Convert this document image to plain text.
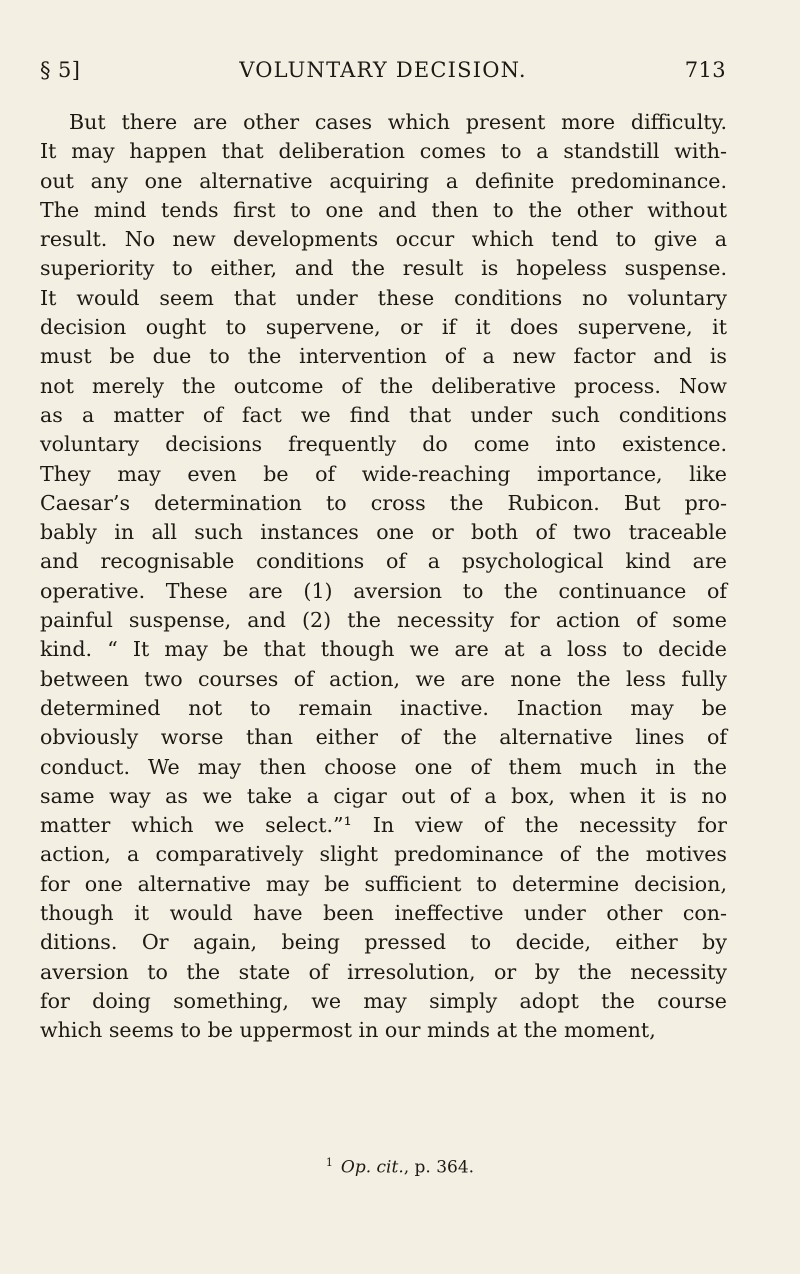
§ 5]	VOLUNTARY DECISION.	713
But there are other cases which present more difficulty.
It may happen that deliberation comes to a standstill with-
out any one alternative acquiring a definite predominance.
The mind tends first to one and then to the other without
result. No new developments occur which tend to give a
superiority to either, and the result is hopeless suspense.
It would seem that under these conditions no voluntary
decision ought to supervene, or if it does supervene, it
must be due to the intervention of a new factor and is
not merely the outcome of the deliberative process. Now
as a matter of fact we find that under such conditions
voluntary decisions frequently do come into existence.
They may even be of wide-reaching importance, like
Caesar’s determination to cross the Rubicon. But pro-
bably in all such instances one or both of two traceable
and recognisable conditions of a psychological kind are
operative. These are (1) aversion to the continuance of
painful suspense, and (2) the necessity for action of some
kind. “ It may be that though we are at a loss to decide
between two courses of action, we are none the less fully
determined not to remain inactive. Inaction may be
obviously worse than either of the alternative lines of
conduct. We may then choose one of them much in the
same way as we take a cigar out of a box, when it is no
matter which we select.”¹ In view of the necessity for
action, a comparatively slight predominance of the motives
for one alternative may be sufficient to determine decision,
though it would have been ineffective under other con-
ditions. Or again, being pressed to decide, either by
aversion to the state of irresolution, or by the necessity
for doing something, we may simply adopt the course
which seems to be uppermost in our minds at the moment,
$^1$ Op. cit., p. 364.
